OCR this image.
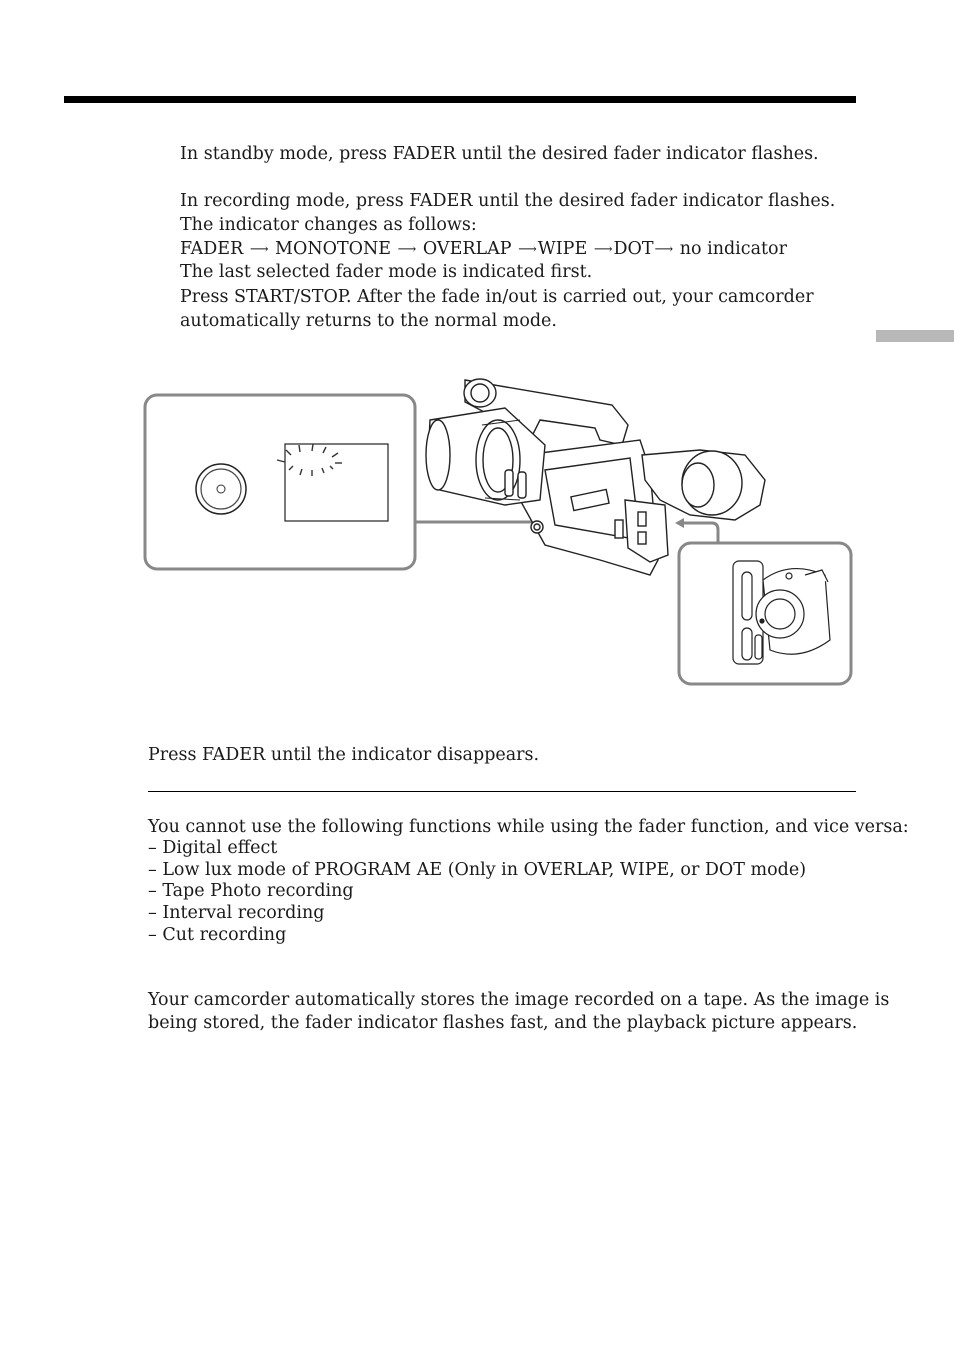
In standby mode, press FADER until the desired fader indicator flashes.
In recording mode, press FADER until the desired fader indicator flashes.
The indicator changes as follows:
FADER ⟶ MONOTONE ⟶ OVERLAP ⟶WIPE ⟶DOT⟶ no indicator
The last selected fader mode is indicated first.
Press START/STOP. After the fade in/out is carried out, your camcorder
automatically returns to the normal mode.
Press FADER until the indicator disappears.
You cannot use the following functions while using the fader function, and vice versa:
– Digital effect
– Low lux mode of PROGRAM AE (Only in OVERLAP, WIPE, or DOT mode)
– Tape Photo recording
– Interval recording
– Cut recording
Your camcorder automatically stores the image recorded on a tape. As the image is
being stored, the fader indicator flashes fast, and the playback picture appears.
